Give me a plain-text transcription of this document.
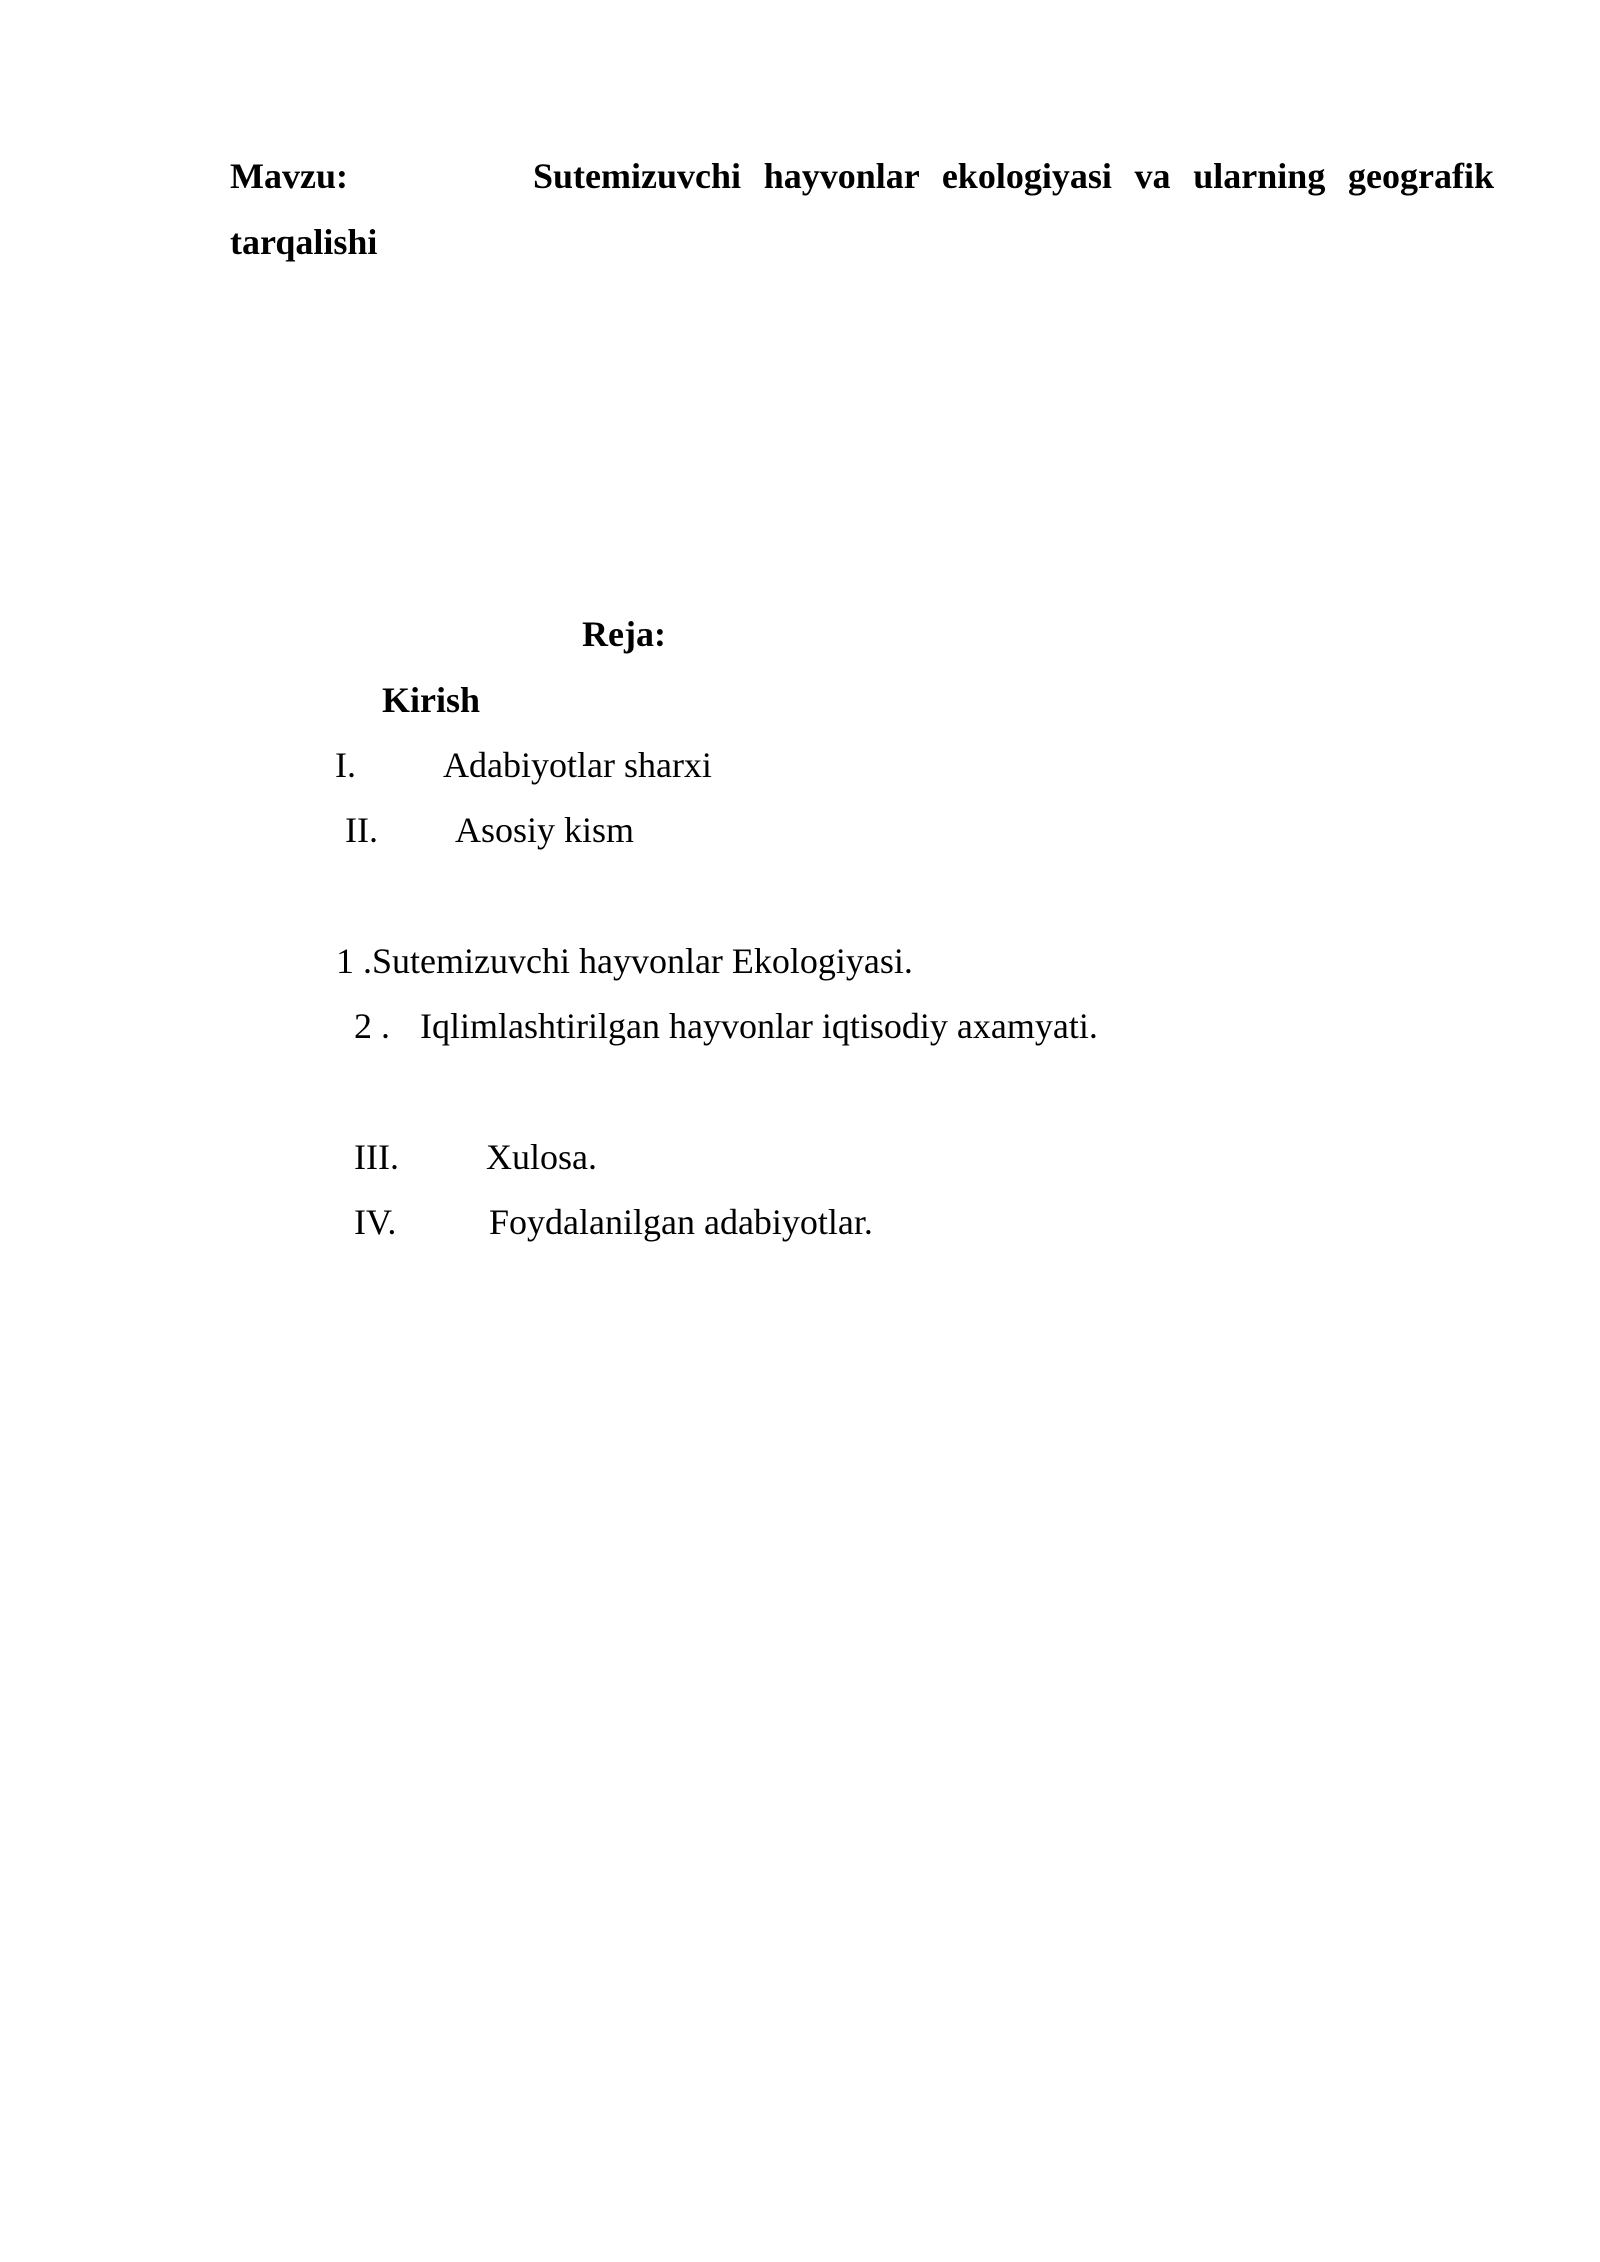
Mavzu:	Sutemizuvchi hayvonlar ekologiyasi va ularning geografik
tarqalishi
Reja:
Kirish
I. Adabiyotlar sharxi
II. Asosiy kism
1 .Sutemizuvchi hayvonlar Ekologiyasi.
2 . Iqlimlashtirilgan hayvonlar iqtisodiy axamyati.
III. Xulosa.
IV.	Foydalanilgan adabiyotlar.
